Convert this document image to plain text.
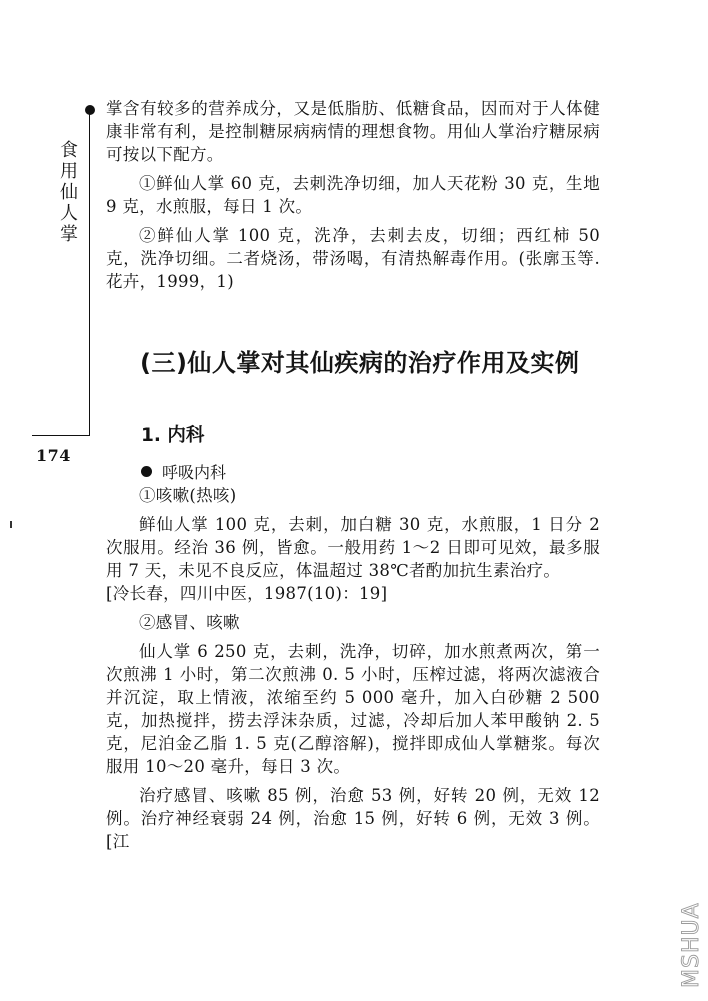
食用仙人掌
174

掌含有较多的营养成分，又是低脂肪、低糖食品，因而对于人体健康非常有利，是控制糖尿病病情的理想食物。用仙人掌治疗糖尿病可按以下配方。

①鲜仙人掌 60 克，去刺洗净切细，加人天花粉 30 克，生地 9 克，水煎服，每日 1 次。

②鲜仙人掌 100 克，洗净，去刺去皮，切细；西红柿 50 克，洗净切细。二者烧汤，带汤喝，有清热解毒作用。(张廓玉等.花卉，1999，1)

(三)仙人掌对其仙疾病的治疗作用及实例
1. 内科
呼吸内科

①咳嗽(热咳)

鲜仙人掌 100 克，去刺，加白糖 30 克，水煎服，1 日分 2 次服用。经治 36 例，皆愈。一般用药 1～2 日即可见效，最多服用 7 天，未见不良反应，体温超过 38℃者酌加抗生素治疗。

[冷长春，四川中医，1987(10)：19]

②感冒、咳嗽

仙人掌 6 250 克，去刺，洗净，切碎，加水煎煮两次，第一次煎沸 1 小时，第二次煎沸 0. 5 小时，压榨过滤，将两次滤液合并沉淀，取上情液，浓缩至约 5 000 毫升，加入白砂糖 2 500 克，加热搅拌，捞去浮沫杂质，过滤，冷却后加人苯甲酸钠 2. 5 克，尼泊金乙脂 1. 5 克(乙醇溶解)，搅拌即成仙人掌糖浆。每次服用 10～20 毫升，每日 3 次。

治疗感冒、咳嗽 85 例，治愈 53 例，好转 20 例，无效 12 例。治疗神经衰弱 24 例，治愈 15 例，好转 6 例，无效 3 例。[江

MSHUA
